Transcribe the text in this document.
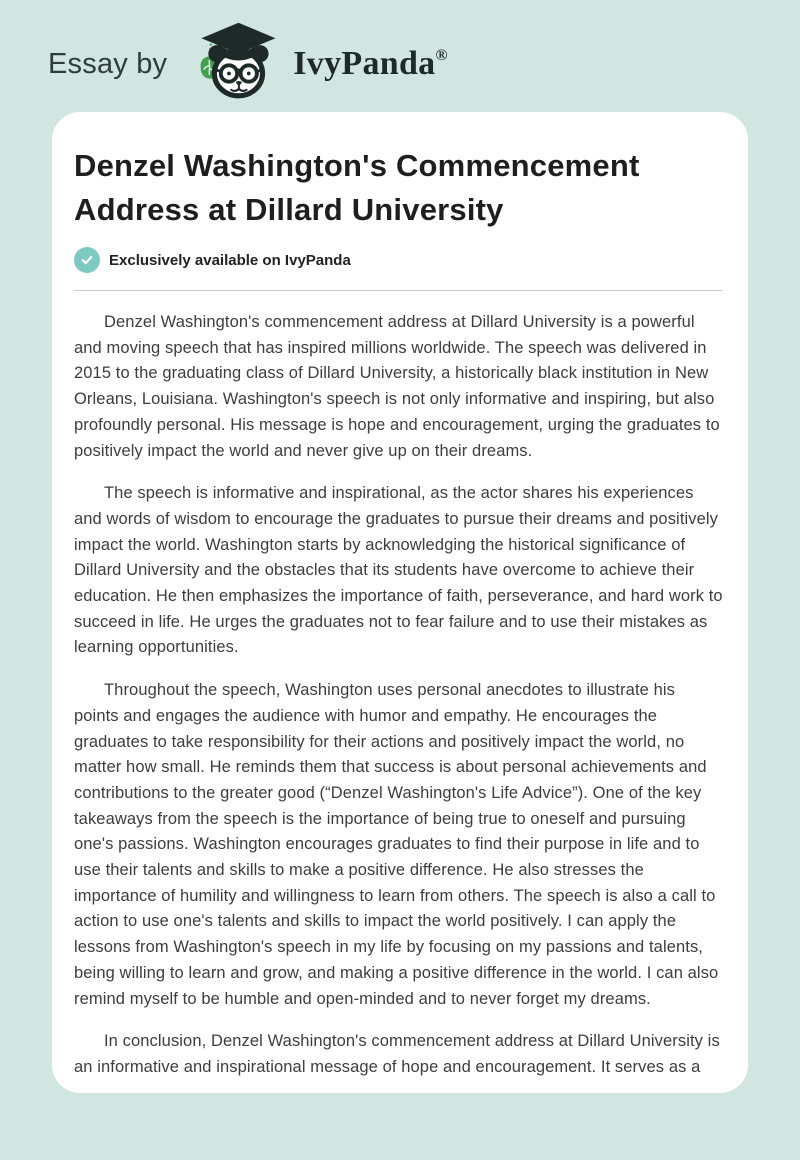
Essay by	IvyPanda®
Denzel Washington's Commencement Address at Dillard University
Exclusively available on IvyPanda

Denzel Washington's commencement address at Dillard University is a powerful and moving speech that has inspired millions worldwide. The speech was delivered in 2015 to the graduating class of Dillard University, a historically black institution in New Orleans, Louisiana. Washington's speech is not only informative and inspiring, but also profoundly personal. His message is hope and encouragement, urging the graduates to positively impact the world and never give up on their dreams.

The speech is informative and inspirational, as the actor shares his experiences and words of wisdom to encourage the graduates to pursue their dreams and positively impact the world. Washington starts by acknowledging the historical significance of Dillard University and the obstacles that its students have overcome to achieve their education. He then emphasizes the importance of faith, perseverance, and hard work to succeed in life. He urges the graduates not to fear failure and to use their mistakes as learning opportunities.

Throughout the speech, Washington uses personal anecdotes to illustrate his points and engages the audience with humor and empathy. He encourages the graduates to take responsibility for their actions and positively impact the world, no matter how small. He reminds them that success is about personal achievements and contributions to the greater good (“Denzel Washington's Life Advice”). One of the key takeaways from the speech is the importance of being true to oneself and pursuing one's passions. Washington encourages graduates to find their purpose in life and to use their talents and skills to make a positive difference. He also stresses the importance of humility and willingness to learn from others. The speech is also a call to action to use one's talents and skills to impact the world positively. I can apply the lessons from Washington's speech in my life by focusing on my passions and talents, being willing to learn and grow, and making a positive difference in the world. I can also remind myself to be humble and open-minded and to never forget my dreams.

In conclusion, Denzel Washington's commencement address at Dillard University is an informative and inspirational message of hope and encouragement. It serves as a
